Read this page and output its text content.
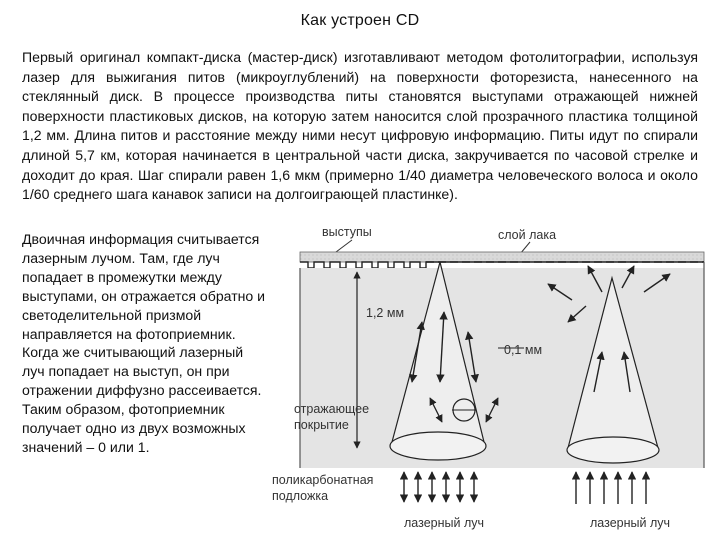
Как устроен CD

Первый оригинал компакт-диска (мастер-диск) изготавливают методом фотолитографии, используя лазер для выжигания питов (микроуглублений) на поверхности фоторезиста, нанесенного на стеклянный диск. В процессе производства питы становятся выступами отражающей нижней поверхности пластиковых дисков, на которую затем наносится слой прозрачного пластика толщиной 1,2 мм. Длина питов и расстояние между ними несут цифровую информацию. Питы идут по спирали длиной 5,7 км, которая начинается в центральной части диска, закручивается по часовой стрелке и доходит до края. Шаг спирали равен 1,6 мкм (примерно 1/40 диаметра человеческого волоса и около 1/60 среднего шага канавок записи на долгоиграющей пластинке).

Двоичная информация считывается лазерным лучом. Там, где луч попадает в промежутки между выступами, он отражается обратно и светоделительной призмой направляется на фотоприемник. Когда же считывающий лазерный луч попадает на выступ, он при отражении диффузно рассеивается. Таким образом, фотоприемник получает одно из двух возможных значений – 0 или 1.

выступы	слой лака
1,2 мм
0,1 мм
отражающее
покрытие
поликарбонатная
подложка
лазерный луч	лазерный луч
